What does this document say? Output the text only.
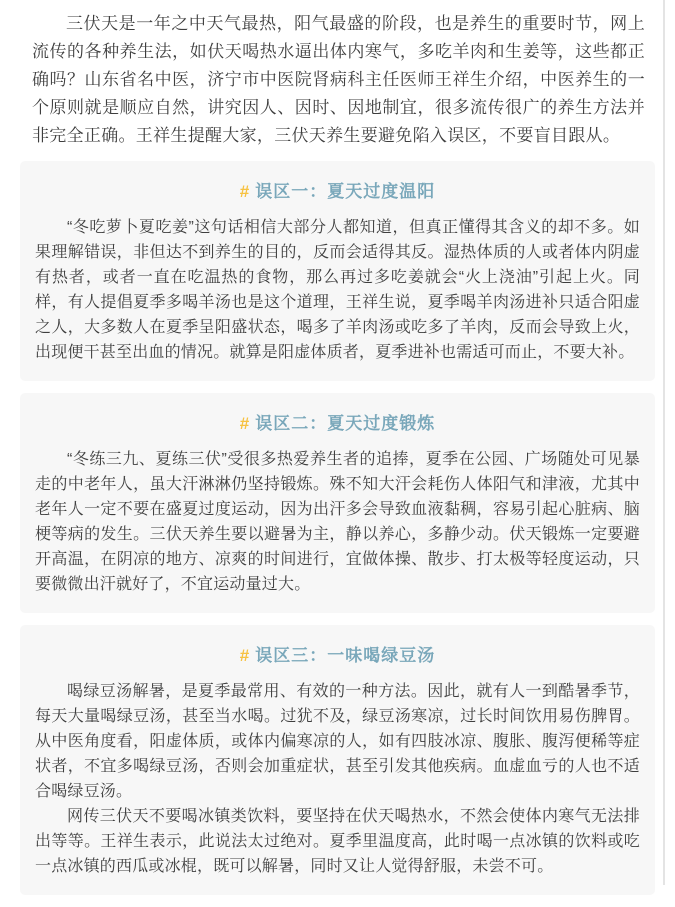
三伏天是一年之中天气最热，阳气最盛的阶段，也是养生的重要时节，网上流传的各种养生法，如伏天喝热水逼出体内寒气，多吃羊肉和生姜等，这些都正确吗？山东省名中医，济宁市中医院肾病科主任医师王祥生介绍，中医养生的一个原则就是顺应自然，讲究因人、因时、因地制宜，很多流传很广的养生方法并非完全正确。王祥生提醒大家，三伏天养生要避免陷入误区，不要盲目跟从。

# 误区一：夏天过度温阳

“冬吃萝卜夏吃姜”这句话相信大部分人都知道，但真正懂得其含义的却不多。如果理解错误，非但达不到养生的目的，反而会适得其反。湿热体质的人或者体内阴虚有热者，或者一直在吃温热的食物，那么再过多吃姜就会“火上浇油”引起上火。同样，有人提倡夏季多喝羊汤也是这个道理，王祥生说，夏季喝羊肉汤进补只适合阳虚之人，大多数人在夏季呈阳盛状态，喝多了羊肉汤或吃多了羊肉，反而会导致上火，出现便干甚至出血的情况。就算是阳虚体质者，夏季进补也需适可而止，不要大补。

# 误区二：夏天过度锻炼

“冬练三九、夏练三伏”受很多热爱养生者的追捧，夏季在公园、广场随处可见暴走的中老年人，虽大汗淋淋仍坚持锻炼。殊不知大汗会耗伤人体阳气和津液，尤其中老年人一定不要在盛夏过度运动，因为出汗多会导致血液黏稠，容易引起心脏病、脑梗等病的发生。三伏天养生要以避暑为主，静以养心，多静少动。伏天锻炼一定要避开高温，在阴凉的地方、凉爽的时间进行，宜做体操、散步、打太极等轻度运动，只要微微出汗就好了，不宜运动量过大。

# 误区三：一味喝绿豆汤

喝绿豆汤解暑，是夏季最常用、有效的一种方法。因此，就有人一到酷暑季节，每天大量喝绿豆汤，甚至当水喝。过犹不及，绿豆汤寒凉，过长时间饮用易伤脾胃。从中医角度看，阳虚体质，或体内偏寒凉的人，如有四肢冰凉、腹胀、腹泻便稀等症状者，不宜多喝绿豆汤，否则会加重症状，甚至引发其他疾病。血虚血亏的人也不适合喝绿豆汤。

网传三伏天不要喝冰镇类饮料，要坚持在伏天喝热水，不然会使体内寒气无法排出等等。王祥生表示，此说法太过绝对。夏季里温度高，此时喝一点冰镇的饮料或吃一点冰镇的西瓜或冰棍，既可以解暑，同时又让人觉得舒服，未尝不可。
